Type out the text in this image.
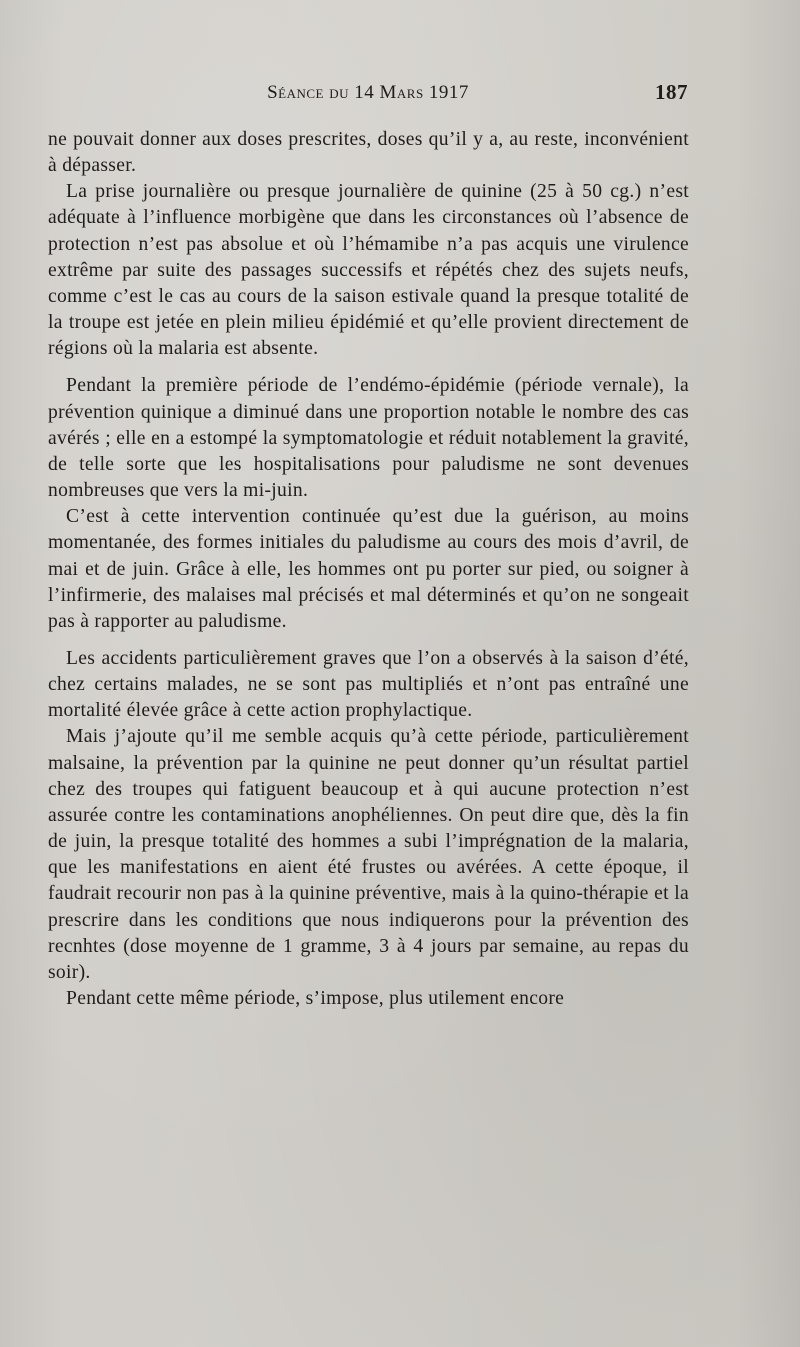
Séance du 14 Mars 1917	187

ne pouvait donner aux doses prescrites, doses qu’il y a, au reste, inconvénient à dépasser.

La prise journalière ou presque journalière de quinine (25 à 50 cg.) n’est adéquate à l’influence morbigène que dans les circonstances où l’absence de protection n’est pas absolue et où l’hémamibe n’a pas acquis une virulence extrême par suite des passages successifs et répétés chez des sujets neufs, comme c’est le cas au cours de la saison estivale quand la presque totalité de la troupe est jetée en plein milieu épidémié et qu’elle provient directement de régions où la malaria est absente.

Pendant la première période de l’endémo-épidémie (période vernale), la prévention quinique a diminué dans une proportion notable le nombre des cas avérés ; elle en a estompé la symptomatologie et réduit notablement la gravité, de telle sorte que les hospitalisations pour paludisme ne sont devenues nombreuses que vers la mi-juin.

C’est à cette intervention continuée qu’est due la guérison, au moins momentanée, des formes initiales du paludisme au cours des mois d’avril, de mai et de juin. Grâce à elle, les hommes ont pu porter sur pied, ou soigner à l’infirmerie, des malaises mal précisés et mal déterminés et qu’on ne songeait pas à rapporter au paludisme.

Les accidents particulièrement graves que l’on a observés à la saison d’été, chez certains malades, ne se sont pas multipliés et n’ont pas entraîné une mortalité élevée grâce à cette action prophylactique.

Mais j’ajoute qu’il me semble acquis qu’à cette période, particulièrement malsaine, la prévention par la quinine ne peut donner qu’un résultat partiel chez des troupes qui fatiguent beaucoup et à qui aucune protection n’est assurée contre les contaminations anophéliennes. On peut dire que, dès la fin de juin, la presque totalité des hommes a subi l’imprégnation de la malaria, que les manifestations en aient été frustes ou avérées. A cette époque, il faudrait recourir non pas à la quinine préventive, mais à la quino-thérapie et la prescrire dans les conditions que nous indiquerons pour la prévention des recnhtes (dose moyenne de 1 gramme, 3 à 4 jours par semaine, au repas du soir).

Pendant cette même période, s’impose, plus utilement encore
